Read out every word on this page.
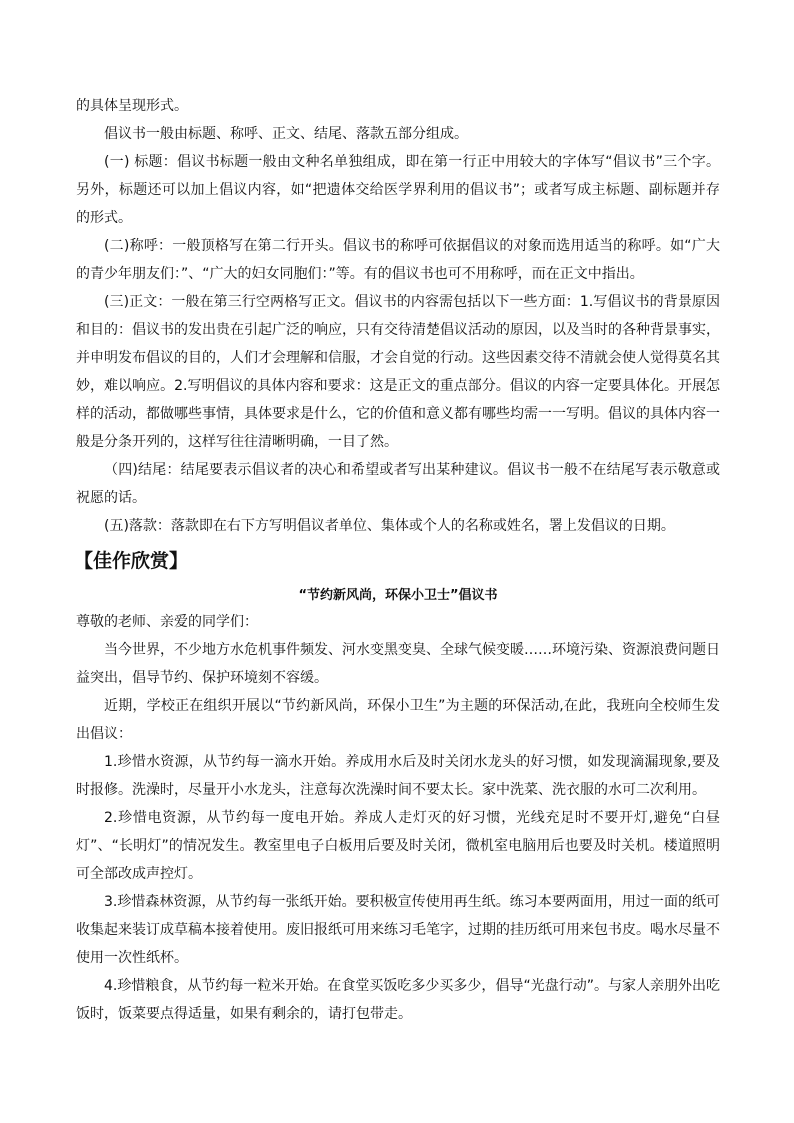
的具体呈现形式。

倡议书一般由标题、称呼、正文、结尾、落款五部分组成。

(一) 标题：倡议书标题一般由文种名单独组成，即在第一行正中用较大的字体写“倡议书”三个字。另外，标题还可以加上倡议内容，如“把遗体交给医学界利用的倡议书”；或者写成主标题、副标题并存的形式。

(二)称呼：一般顶格写在第二行开头。倡议书的称呼可依据倡议的对象而选用适当的称呼。如“广大的青少年朋友们：”、“广大的妇女同胞们：”等。有的倡议书也可不用称呼，而在正文中指出。

(三)正文：一般在第三行空两格写正文。倡议书的内容需包括以下一些方面：1.写倡议书的背景原因和目的：倡议书的发出贵在引起广泛的响应，只有交待清楚倡议活动的原因，以及当时的各种背景事实，并申明发布倡议的目的，人们才会理解和信服，才会自觉的行动。这些因素交待不清就会使人觉得莫名其妙，难以响应。2.写明倡议的具体内容和要求：这是正文的重点部分。倡议的内容一定要具体化。开展怎样的活动，都做哪些事情，具体要求是什么，它的价值和意义都有哪些均需一一写明。倡议的具体内容一般是分条开列的，这样写往往清晰明确，一目了然。

（四)结尾：结尾要表示倡议者的决心和希望或者写出某种建议。倡议书一般不在结尾写表示敬意或祝愿的话。

(五)落款：落款即在右下方写明倡议者单位、集体或个人的名称或姓名，署上发倡议的日期。

【佳作欣赏】

“节约新风尚，环保小卫士”倡议书

尊敬的老师、亲爱的同学们：

当今世界，不少地方水危机事件频发、河水变黑变臭、全球气候变暖……环境污染、资源浪费问题日益突出，倡导节约、保护环境刻不容缓。

近期，学校正在组织开展以“节约新风尚，环保小卫生”为主题的环保活动,在此，我班向全校师生发出倡议：

1.珍惜水资源，从节约每一滴水开始。养成用水后及时关闭水龙头的好习惯，如发现滴漏现象,要及时报修。洗澡时，尽量开小水龙头，注意每次洗澡时间不要太长。家中洗菜、洗衣服的水可二次利用。

2.珍惜电资源，从节约每一度电开始。养成人走灯灭的好习惯，光线充足时不要开灯,避免“白昼灯”、“长明灯”的情况发生。教室里电子白板用后要及时关闭，微机室电脑用后也要及时关机。楼道照明可全部改成声控灯。

3.珍惜森林资源，从节约每一张纸开始。要积极宣传使用再生纸。练习本要两面用，用过一面的纸可收集起来装订成草稿本接着使用。废旧报纸可用来练习毛笔字，过期的挂历纸可用来包书皮。喝水尽量不使用一次性纸杯。

4.珍惜粮食，从节约每一粒米开始。在食堂买饭吃多少买多少，倡导“光盘行动”。与家人亲朋外出吃饭时，饭菜要点得适量，如果有剩余的，请打包带走。
